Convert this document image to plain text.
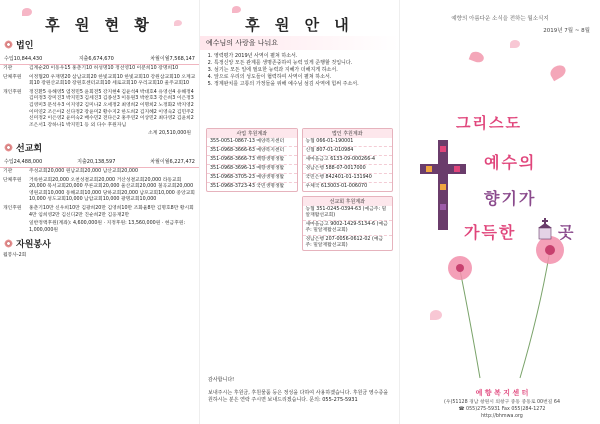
후 원 현 황
법인
수입10,844,430	지출6,674,670	차월이월7,568,147
기관	김계순20 이동우15 홍춘기10 허성명10 정선영10 이분희10 장명희10
단체후원	이정협20 우재명20 삼남교회20 한빛교회10 한빛교회10 강원삼교회10 오계교회10 장원산교회10 장원호센터교회10 세로교회10 우리교회10 울주교회10
개인후원	정진환5 유해영5 염정민5 윤회전5 강지현4 김윤석4 박대호4 유영선4 유해정4 김미정3 강미진3 박지민3 김세진3 김종선3 이동원3 박찬호3 강은희3 이은정3 김영미3 문석우3 이지영2 김미나2 오세정2 최영희2 이명희2 노정화2 박지영2 이미연2 조은아2 신다정2 장윤미2 황수지2 한도희2 김지혜2 이영숙2 김민주2 신미정2 이은영2 윤미숙2 배수민2 전다은2 홍주연2 이상민2 최다영2 김윤희2 조은서1 강하나1 박지민1 등 외 다수 후원자님
소계 20,510,000원
선교회
수입24,488,000	지출20,138,597	차월이월6,227,472
기관	주성교회20,000 원남교회20,000 남산교회20,000
단체후원	거룩한교회20,000 오천성결교회20,000 거산성결교회20,000 라동교회20,000 묵서교회20,000 푸른교회20,000 울산교회20,000 칠곡교회20,000 영원교회10,000 동해교회10,000 당하교회20,000 남포교회10,000 중앙교회10,000 성도교회10,000 남암교회10,000 광명교회10,000
개인후원	홍춘기10만 신우희10만 김광희20만 김영희10만 조화율8만 김명호8만 황시회4만 임희영2만 김신디2만 진순희2만 김웅재2만
일반정액후원(계좌): 4,600,000원 · 지정후원: 13,560,000원 · 현금후원: 1,000,000원
자원봉사
월봉사-2회
후 원 안 내
예수님의 사랑을 나눠요
1. 영력평가 2019년 사역이 펼쳐 하소서.
2. 특정신앙 모든 관계를 생명존중하여 능력 있게 준행할 것입니다.
3. 섬기는 모든 일에 필요한 능력과 지혜가 더해지게 하소서.
4. 앞으로 우리의 성도들이 협력하여 사역이 펼쳐 하소서.
5. 정계완치를 고통의 가정들을 위해 예수님 섬김 사역에 힘써 주소서.
사업 후원계좌
355-0051-0867-13 예양복지센터
351-0968-3666-63 예양복지센터
351-0968-3666-73 백향생명생활
351-0968-3696-13 예향생명생활
351-0968-3705-23 예양생명생활
351-0968-3723-43 국민생명생활
법인 후원계좌
농협 066-01-190001
신협 807-01-010984
새마을금고 6133-09-000266-4
경남은행 588-07-0017000
국민은행 842401-01-131940
우체국 613003-01-006070
선교회 후원계좌
농협 351-0245-0394-63 (예금주: 밀알재활선교회)
새마을금고 9002-1429-5134-6 (예금주: 밀알재활선교회)
경남은행 207-0056-0612-02 (예금주: 밀알재활선교회)
감사합니다!
보내주시는 후원금, 후원물품 등은 정성을 다하여 사용하겠습니다. 후원금 영수증을 원하시는 분은 연락 주시면 보내드리겠습니다. 문의: 055-275-5931
예향의 아름다운 소식을 전하는 월소식지
2019년 7월 ~ 8월
그리스도
예수의
향기가
가득한	곳
예 향 복 지 센 터
(우)51128 경남 창원시 의창구 중동 중동로 00번길 64
☎ 055)275-5931 Fax 055)284-1272
http://bhmwa.org
